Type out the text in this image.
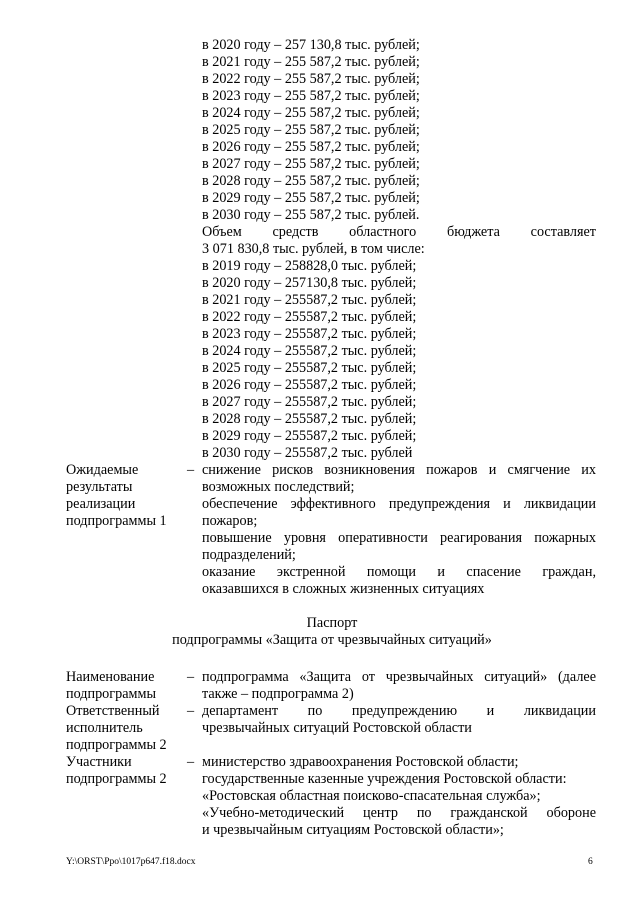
в 2020 году – 257 130,8 тыс. рублей;
в 2021 году – 255 587,2 тыс. рублей;
в 2022 году – 255 587,2 тыс. рублей;
в 2023 году – 255 587,2 тыс. рублей;
в 2024 году – 255 587,2 тыс. рублей;
в 2025 году – 255 587,2 тыс. рублей;
в 2026 году – 255 587,2 тыс. рублей;
в 2027 году – 255 587,2 тыс. рублей;
в 2028 году – 255 587,2 тыс. рублей;
в 2029 году – 255 587,2 тыс. рублей;
в 2030 году – 255 587,2 тыс. рублей.
Объем средств областного бюджета составляет
3 071 830,8 тыс. рублей, в том числе:
в 2019 году – 258828,0 тыс. рублей;
в 2020 году – 257130,8 тыс. рублей;
в 2021 году – 255587,2 тыс. рублей;
в 2022 году – 255587,2 тыс. рублей;
в 2023 году – 255587,2 тыс. рублей;
в 2024 году – 255587,2 тыс. рублей;
в 2025 году – 255587,2 тыс. рублей;
в 2026 году – 255587,2 тыс. рублей;
в 2027 году – 255587,2 тыс. рублей;
в 2028 году – 255587,2 тыс. рублей;
в 2029 году – 255587,2 тыс. рублей;
в 2030 году – 255587,2 тыс. рублей
Ожидаемые
результаты
реализации
подпрограммы 1
– снижение рисков возникновения пожаров и смягчение их
возможных последствий;
обеспечение эффективного предупреждения и ликвидации
пожаров;
повышение уровня оперативности реагирования пожарных
подразделений;
оказание экстренной помощи и спасение граждан,
оказавшихся в сложных жизненных ситуациях
Паспорт
подпрограммы «Защита от чрезвычайных ситуаций»
Наименование
подпрограммы
– подпрограмма «Защита от чрезвычайных ситуаций» (далее
также – подпрограмма 2)
Ответственный
исполнитель
подпрограммы 2
– департамент по предупреждению и ликвидации
чрезвычайных ситуаций Ростовской области
Участники
подпрограммы 2
– министерство здравоохранения Ростовской области;
государственные казенные учреждения Ростовской области:
«Ростовская областная поисково-спасательная служба»;
«Учебно-методический центр по гражданской обороне
и чрезвычайным ситуациям Ростовской области»;
Y:\ORST\Ppo\1017p647.f18.docx	6
